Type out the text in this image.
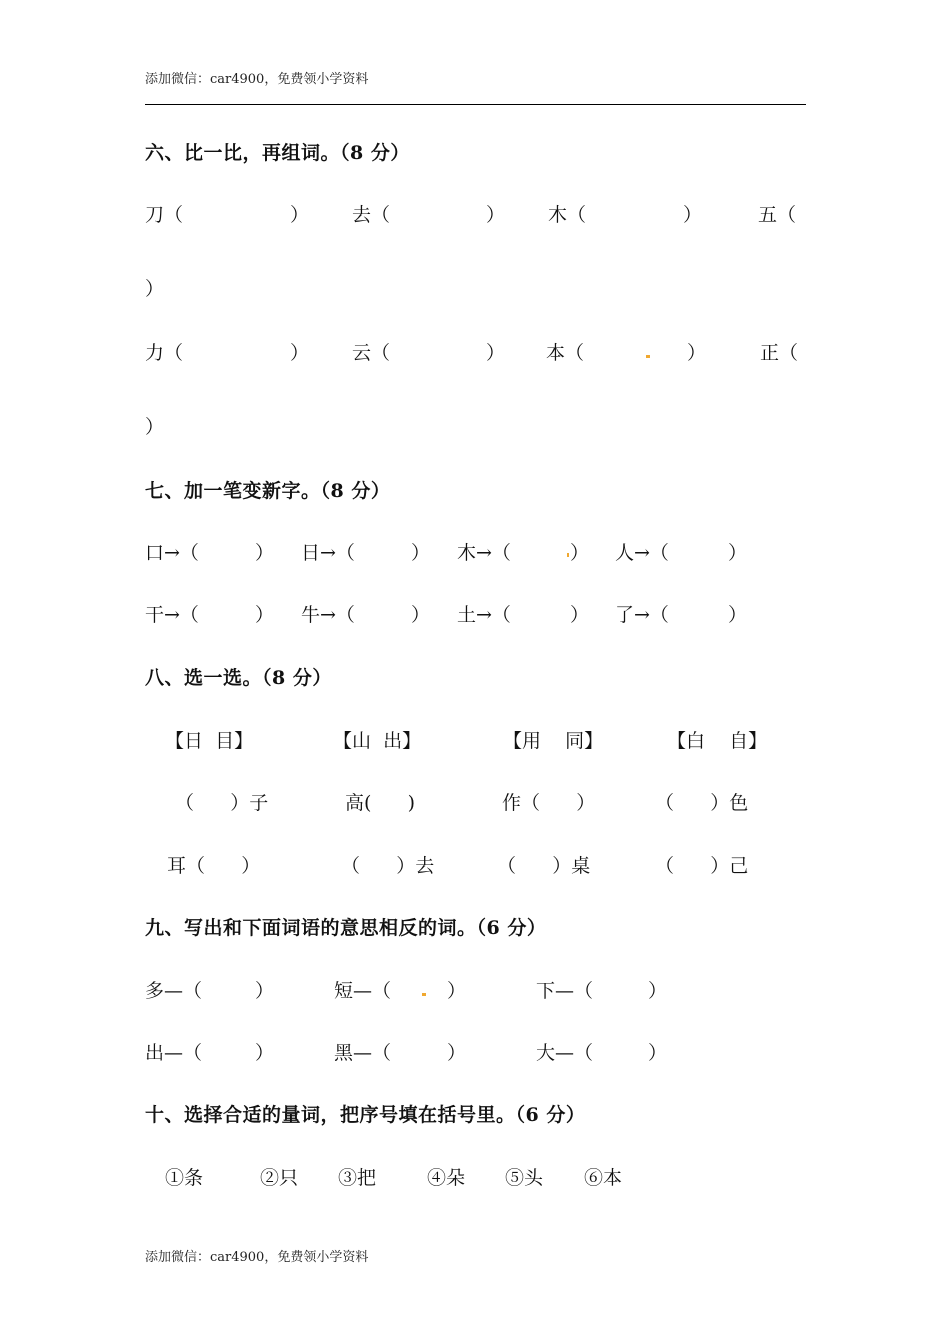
添加微信：car4900，免费领小学资料
六、比一比，再组词。（8 分）
刀（	） 去（	） 木（	）	五（
）
力（	） 云（	） 本（	）	正（
）
七、加一笔变新字。（8 分）
口→（	） 日→（	） 木→（	） 人→（	）
干→（	） 牛→（	） 土→（	） 了→（	）
八、选一选。（8 分）
【日  目】	【山  出】	【用    同】	【白    自】
（      ）子	高(      )	作（      ）	（      ）色
耳（      ）	（      ）去	（      ）桌	（      ）己
九、写出和下面词语的意思相反的词。（6 分）
多—（	）	短—（	）	下—（	）
出—（	）	黑—（	）	大—（	）
十、选择合适的量词，把序号填在括号里。（6 分）
①条	②只 ③把	④朵 ⑤头 ⑥本
添加微信：car4900，免费领小学资料
